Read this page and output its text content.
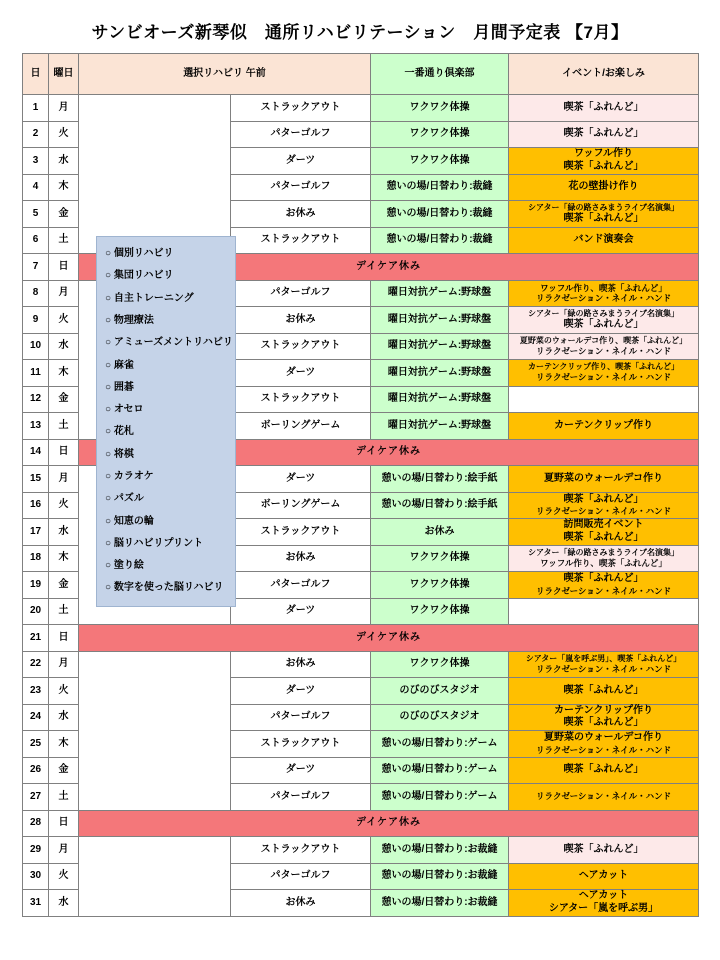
サンビオーズ新琴似　通所リハビリテーション　月間予定表 【7月】
日	曜日	選択リハビリ 午前		一番通り倶楽部	イベント/お楽しみ
1	月		ストラックアウト	ワクワク体操	喫茶「ふれんど」

2	火		パターゴルフ	ワクワク体操	喫茶「ふれんど」

3	水		ダーツ	ワクワク体操	ワッフル作り
喫茶「ふれんど」

4	木		パターゴルフ	憩いの場/日替わり:裁縫	花の壁掛け作り

5	金		お休み	憩いの場/日替わり:裁縫	シアター「緑の路さみまうライブ名演集」
喫茶「ふれんど」

6	土		ストラックアウト	憩いの場/日替わり:裁縫	バンド演奏会

7	日	デイケア休み			
8	月		パターゴルフ	曜日対抗ゲーム:野球盤	ワッフル作り、喫茶「ふれんど」
リラクゼーション・ネイル・ハンド

9	火		お休み	曜日対抗ゲーム:野球盤	シアター「緑の路さみまうライブ名演集」
喫茶「ふれんど」

10	水		ストラックアウト	曜日対抗ゲーム:野球盤	夏野菜のウォールデコ作り、喫茶「ふれんど」
リラクゼーション・ネイル・ハンド

11	木		ダーツ	曜日対抗ゲーム:野球盤	カーテンクリップ作り、喫茶「ふれんど」
リラクゼーション・ネイル・ハンド

12	金		ストラックアウト	曜日対抗ゲーム:野球盤	

13	土		ボーリングゲーム	曜日対抗ゲーム:野球盤	カーテンクリップ作り

14	日	デイケア休み			
15	月		ダーツ	憩いの場/日替わり:絵手紙	夏野菜のウォールデコ作り

16	火		ボーリングゲーム	憩いの場/日替わり:絵手紙	喫茶「ふれんど」
リラクゼーション・ネイル・ハンド

17	水		ストラックアウト	お休み	訪問販売イベント
喫茶「ふれんど」

18	木		お休み	ワクワク体操	シアター「緑の路さみまうライブ名演集」
ワッフル作り、喫茶「ふれんど」

19	金		パターゴルフ	ワクワク体操	喫茶「ふれんど」
リラクゼーション・ネイル・ハンド

20	土		ダーツ	ワクワク体操	

21	日	デイケア休み			
22	月		お休み	ワクワク体操	シアター「嵐を呼ぶ男」、喫茶「ふれんど」
リラクゼーション・ネイル・ハンド

23	火		ダーツ	のびのびスタジオ	喫茶「ふれんど」

24	水		パターゴルフ	のびのびスタジオ	カーテンクリップ作り
喫茶「ふれんど」

25	木		ストラックアウト	憩いの場/日替わり:ゲーム	夏野菜のウォールデコ作り
リラクゼーション・ネイル・ハンド

26	金		ダーツ	憩いの場/日替わり:ゲーム	喫茶「ふれんど」

27	土		パターゴルフ	憩いの場/日替わり:ゲーム	リラクゼーション・ネイル・ハンド

28	日	デイケア休み			
29	月		ストラックアウト	憩いの場/日替わり:お裁縫	喫茶「ふれんど」

30	火		パターゴルフ	憩いの場/日替わり:お裁縫	ヘアカット

31	水		お休み	憩いの場/日替わり:お裁縫	ヘアカット
シアター「嵐を呼ぶ男」
○ 個別リハビリ
○ 集団リハビリ
○ 自主トレーニング
○ 物理療法
○ アミューズメントリハビリ
○ 麻雀
○ 囲碁
○ オセロ
○ 花札
○ 将棋
○ カラオケ
○ パズル
○ 知恵の輪
○ 脳リハビリプリント
○ 塗り絵
○ 数字を使った脳リハビリ
